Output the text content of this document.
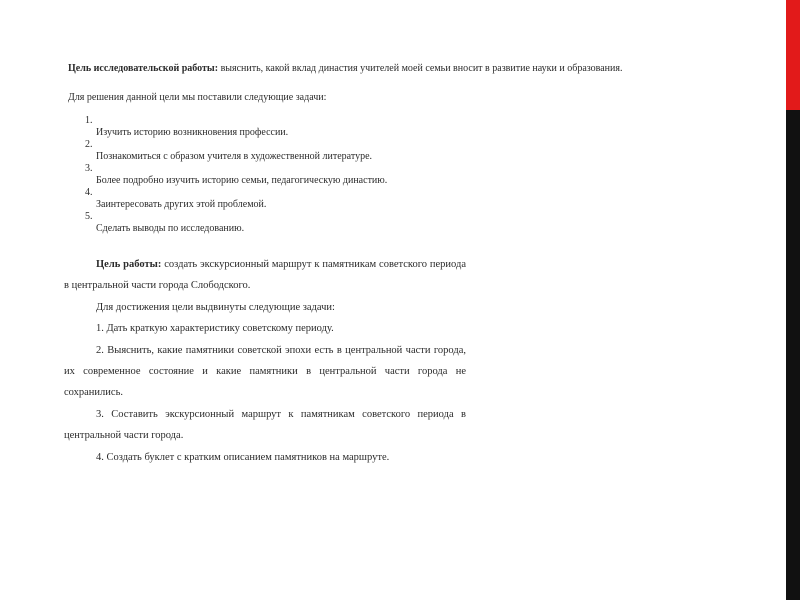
Цель исследовательской работы: выяснить, какой вклад династия учителей моей семьи вносит в развитие науки и образования.

Для решения данной цели мы поставили следующие задачи:

1.
Изучить историю возникновения профессии.
2.
Познакомиться с образом учителя в художественной литературе.
3.
Более подробно изучить историю семьи, педагогическую династию.
4.
Заинтересовать других этой проблемой.
5.
Сделать выводы по исследованию.

Цель работы: создать экскурсионный маршрут к памятникам советского периода в центральной части города Слободского.

Для достижения цели выдвинуты следующие задачи:

1. Дать краткую характеристику советскому периоду.

2. Выяснить, какие памятники советской эпохи есть в центральной части города, их современное состояние и какие памятники в центральной части города не сохранились.

3. Составить экскурсионный маршрут к памятникам советского периода в центральной части города.

4. Создать буклет с кратким описанием памятников на маршруте.
